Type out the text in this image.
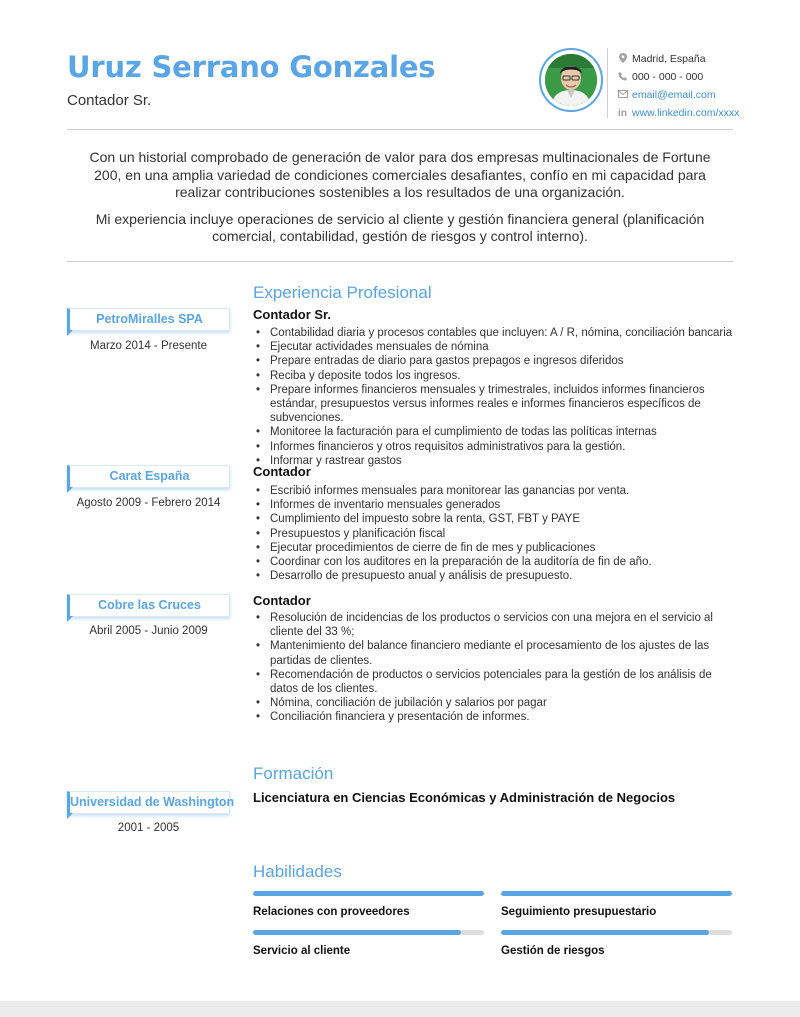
Uruz Serrano Gonzales
Contador Sr.
Madrid, España
000 - 000 - 000
email@email.com
in www.linkedin.com/xxxx

Con un historial comprobado de generación de valor para dos empresas multinacionales de Fortune 200, en una amplia variedad de condiciones comerciales desafiantes, confío en mi capacidad para realizar contribuciones sostenibles a los resultados de una organización.

Mi experiencia incluye operaciones de servicio al cliente y gestión financiera general (planificación comercial, contabilidad, gestión de riesgos y control interno).

Experiencia Profesional
PetroMiralles SPA
Marzo 2014 - Presente
Contador Sr.
• Contabilidad diaria y procesos contables que incluyen: A / R, nómina, conciliación bancaria
• Ejecutar actividades mensuales de nómina
• Prepare entradas de diario para gastos prepagos e ingresos diferidos
• Reciba y deposite todos los ingresos.
• Prepare informes financieros mensuales y trimestrales, incluidos informes financieros estándar, presupuestos versus informes reales e informes financieros específicos de subvenciones.
• Monitoree la facturación para el cumplimiento de todas las políticas internas
• Informes financieros y otros requisitos administrativos para la gestión.
• Informar y rastrear gastos
Carat España
Agosto 2009 - Febrero 2014
Contador
• Escribió informes mensuales para monitorear las ganancias por venta.
• Informes de inventario mensuales generados
• Cumplimiento del impuesto sobre la renta, GST, FBT y PAYE
• Presupuestos y planificación fiscal
• Ejecutar procedimientos de cierre de fin de mes y publicaciones
• Coordinar con los auditores en la preparación de la auditoría de fin de año.
• Desarrollo de presupuesto anual y análisis de presupuesto.
Cobre las Cruces
Abril 2005 - Junio 2009
Contador
• Resolución de incidencias de los productos o servicios con una mejora en el servicio al cliente del 33 %;
• Mantenimiento del balance financiero mediante el procesamiento de los ajustes de las partidas de clientes.
• Recomendación de productos o servicios potenciales para la gestión de los análisis de datos de los clientes.
• Nómina, conciliación de jubilación y salarios por pagar
• Conciliación financiera y presentación de informes.
Formación
Universidad de Washington
2001 - 2005
Licenciatura en Ciencias Económicas y Administración de Negocios
Habilidades
Relaciones con proveedores	Seguimiento presupuestario
Servicio al cliente	Gestión de riesgos
